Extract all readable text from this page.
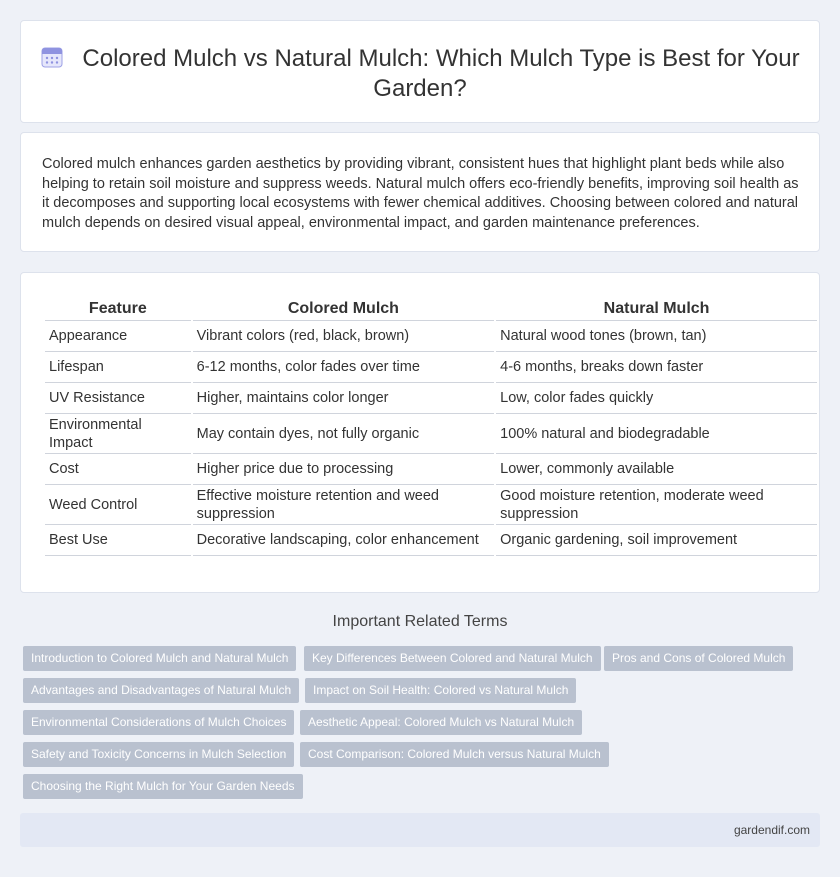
Colored Mulch vs Natural Mulch: Which Mulch Type is Best for Your Garden?

Colored mulch enhances garden aesthetics by providing vibrant, consistent hues that highlight plant beds while also helping to retain soil moisture and suppress weeds. Natural mulch offers eco-friendly benefits, improving soil health as it decomposes and supporting local ecosystems with fewer chemical additives. Choosing between colored and natural mulch depends on desired visual appeal, environmental impact, and garden maintenance preferences.

Feature	Colored Mulch	Natural Mulch
Appearance	Vibrant colors (red, black, brown)	Natural wood tones (brown, tan)
Lifespan	6-12 months, color fades over time	4-6 months, breaks down faster
UV Resistance	Higher, maintains color longer	Low, color fades quickly
Environmental Impact	May contain dyes, not fully organic	100% natural and biodegradable
Cost	Higher price due to processing	Lower, commonly available
Weed Control	Effective moisture retention and weed suppression	Good moisture retention, moderate weed suppression
Best Use	Decorative landscaping, color enhancement	Organic gardening, soil improvement
Important Related Terms
Introduction to Colored Mulch and Natural Mulch	Key Differences Between Colored and Natural Mulch	Pros and Cons of Colored Mulch
Advantages and Disadvantages of Natural Mulch	Impact on Soil Health: Colored vs Natural Mulch
Environmental Considerations of Mulch Choices	Aesthetic Appeal: Colored Mulch vs Natural Mulch
Safety and Toxicity Concerns in Mulch Selection	Cost Comparison: Colored Mulch versus Natural Mulch
Choosing the Right Mulch for Your Garden Needs
gardendif.com
